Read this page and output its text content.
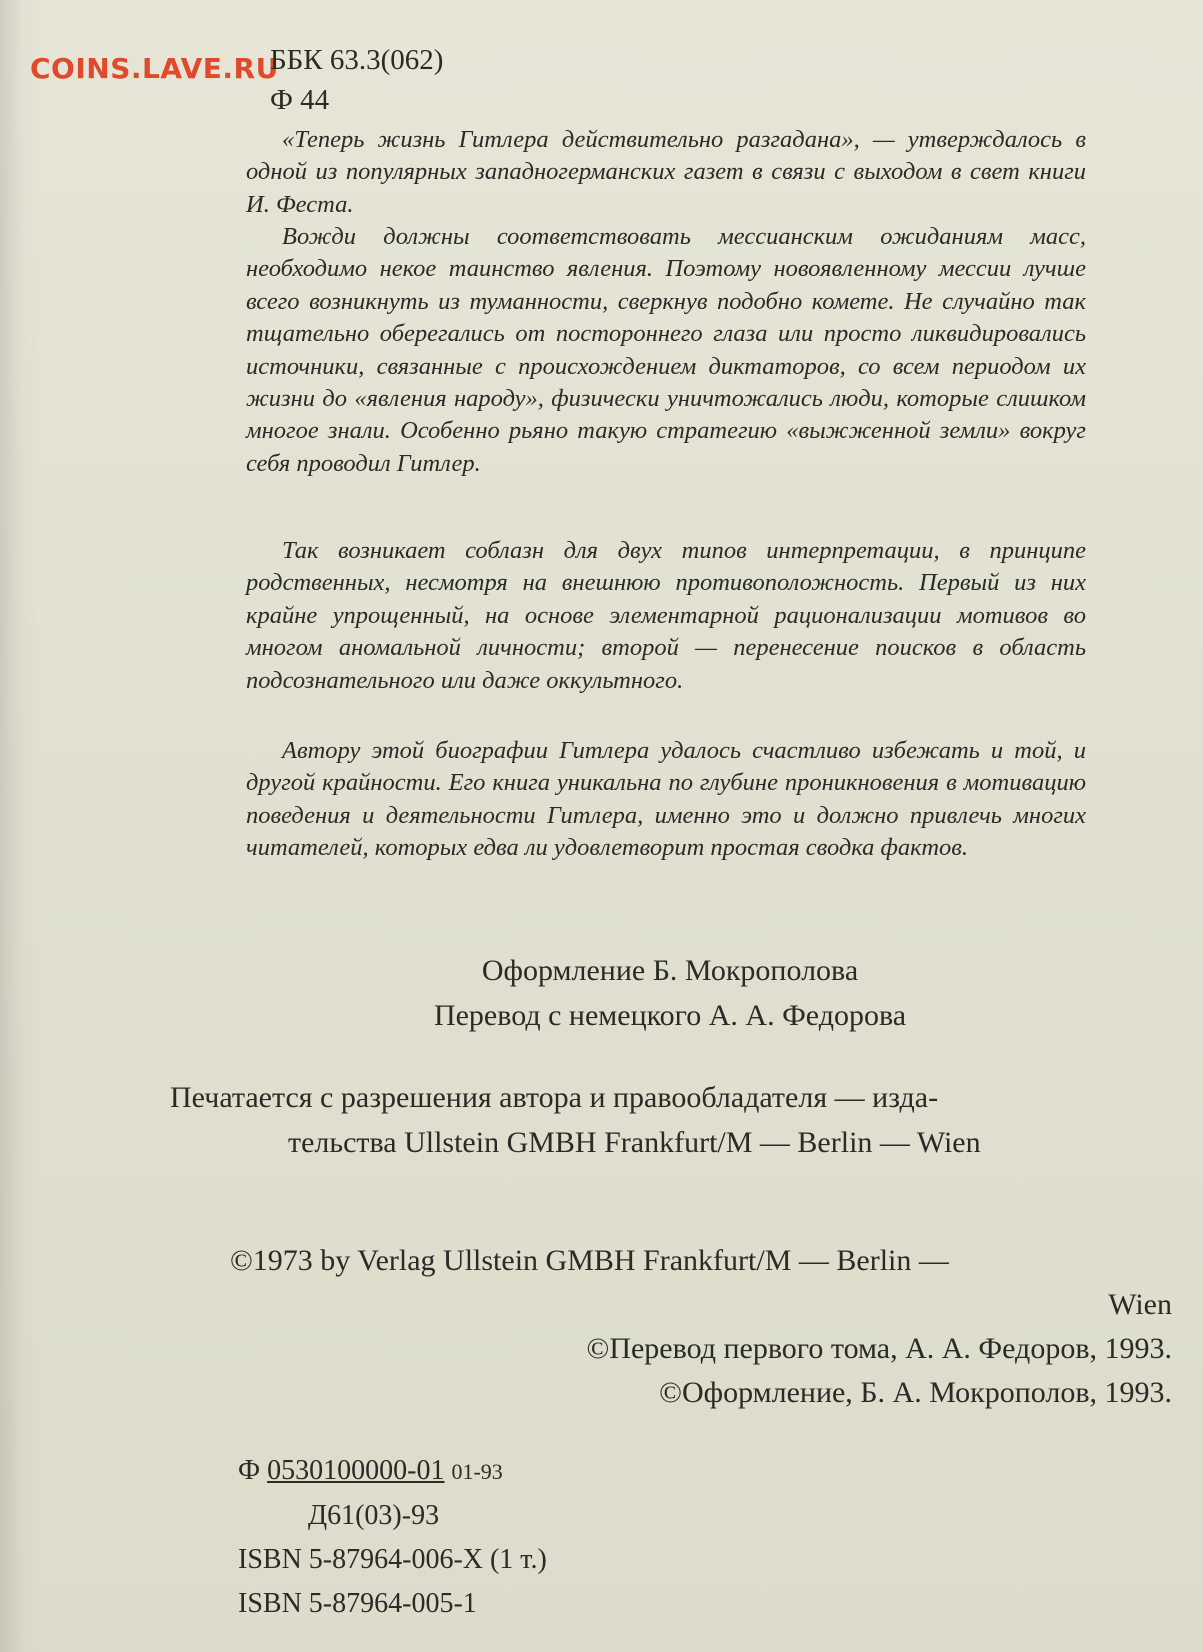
COINS.LAVE.RU
ББК 63.3(062)
Ф 44

«Теперь жизнь Гитлера действительно разгадана», — утверждалось в одной из популярных западногерманских газет в связи с выходом в свет книги И. Феста.

Вожди должны соответствовать мессианским ожиданиям масс, необходимо некое таинство явления. Поэтому новоявленному мессии лучше всего возникнуть из туманности, сверкнув подобно комете. Не случайно так тщательно оберегались от постороннего глаза или просто ликвидировались источники, связанные с происхождением диктаторов, со всем периодом их жизни до «явления народу», физически уничтожались люди, которые слишком многое знали. Особенно рьяно такую стратегию «выжженной земли» вокруг себя проводил Гитлер.

Так возникает соблазн для двух типов интерпретации, в принципе родственных, несмотря на внешнюю противоположность. Первый из них крайне упрощенный, на основе элементарной рационализации мотивов во многом аномальной личности; второй — перенесение поисков в область подсознательного или даже оккультного.

Автору этой биографии Гитлера удалось счастливо избежать и той, и другой крайности. Его книга уникальна по глубине проникновения в мотивацию поведения и деятельности Гитлера, именно это и должно привлечь многих читателей, которых едва ли удовлетворит простая сводка фактов.

Оформление Б. Мокрополова
Перевод с немецкого А. А. Федорова
Печатается с разрешения автора и правообладателя — изда-
тельства Ullstein GMBH Frankfurt/M — Berlin — Wien
©1973 by Verlag Ullstein GMBH Frankfurt/M — Berlin —
Wien
©Перевод первого тома, А. А. Федоров, 1993.
©Оформление, Б. А. Мокрополов, 1993.
Ф 0530100000-01 01-93
Д61(03)-93
ISBN 5-87964-006-X (1 т.)
ISBN 5-87964-005-1
